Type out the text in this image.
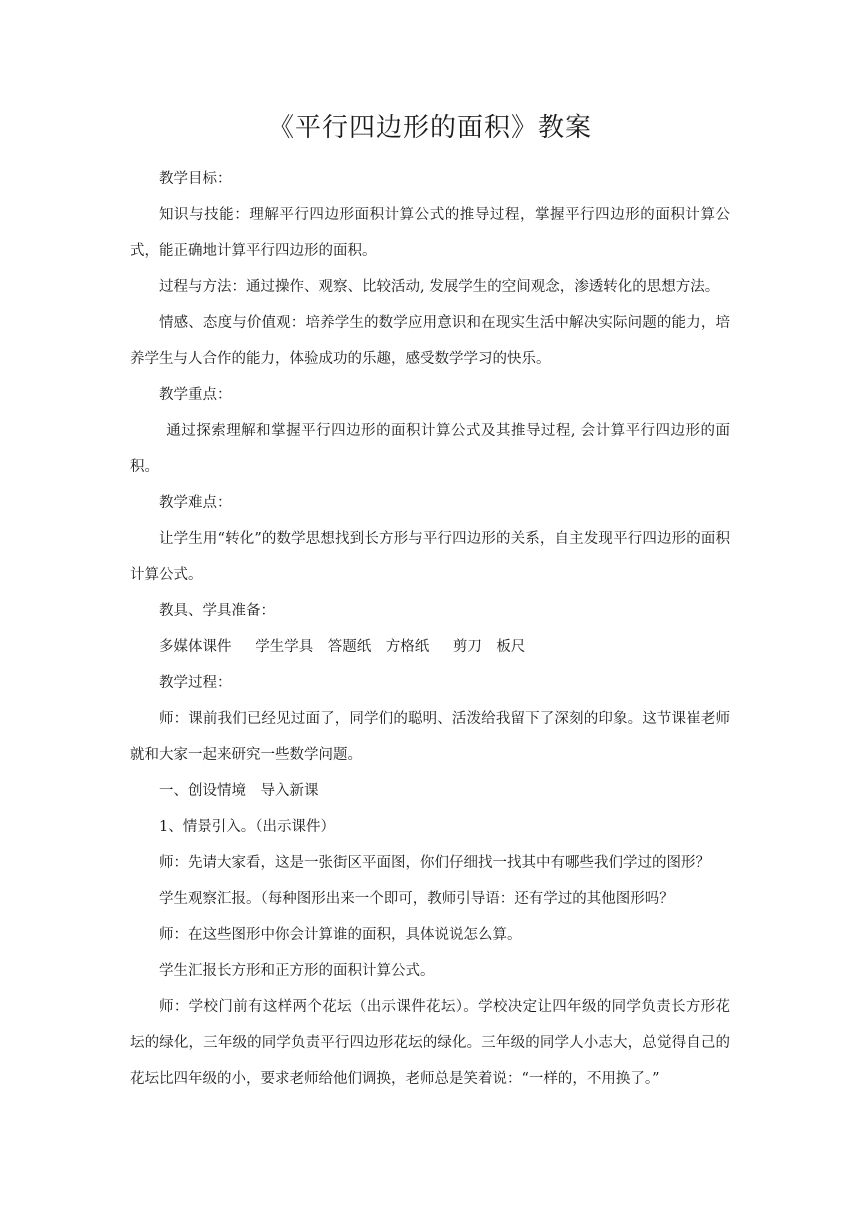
《平行四边形的面积》教案

教学目标：

知识与技能：理解平行四边形面积计算公式的推导过程，掌握平行四边形的面积计算公式，能正确地计算平行四边形的面积。

过程与方法：通过操作、观察、比较活动, 发展学生的空间观念，渗透转化的思想方法。

情感、态度与价值观：培养学生的数学应用意识和在现实生活中解决实际问题的能力，培养学生与人合作的能力，体验成功的乐趣，感受数学学习的快乐。

教学重点：

通过探索理解和掌握平行四边形的面积计算公式及其推导过程, 会计算平行四边形的面积。

教学难点：

让学生用“转化”的数学思想找到长方形与平行四边形的关系，自主发现平行四边形的面积计算公式。

教具、学具准备：

多媒体课件　  学生学具　答题纸　方格纸　  剪刀　板尺

教学过程：

师：课前我们已经见过面了，同学们的聪明、活泼给我留下了深刻的印象。这节课崔老师就和大家一起来研究一些数学问题。

一、创设情境　导入新课

1、情景引入。（出示课件）

师：先请大家看，这是一张街区平面图，你们仔细找一找其中有哪些我们学过的图形？

学生观察汇报。（每种图形出来一个即可，教师引导语：还有学过的其他图形吗？

师：在这些图形中你会计算谁的面积，具体说说怎么算。

学生汇报长方形和正方形的面积计算公式。

师：学校门前有这样两个花坛（出示课件花坛）。学校决定让四年级的同学负责长方形花坛的绿化，三年级的同学负责平行四边形花坛的绿化。三年级的同学人小志大，总觉得自己的花坛比四年级的小，要求老师给他们调换，老师总是笑着说：“一样的，不用换了。”
